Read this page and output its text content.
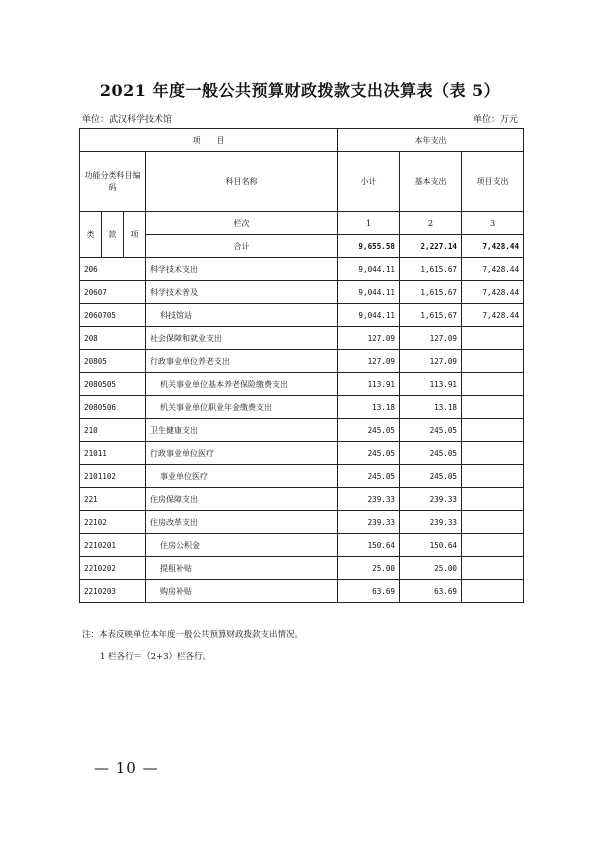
2021 年度一般公共预算财政拨款支出决算表（表 5）
单位：武汉科学技术馆	单位：万元
项　　目				本年支出		
功能分类科目编码			科目名称	小计	基本支出	项目支出
类	款	项	栏次	1	2	3
			合计	9,655.58	2,227.14	7,428.44
206			科学技术支出	9,044.11	1,615.67	7,428.44
20607			科学技术普及	9,044.11	1,615.67	7,428.44
2060705			科技馆站	9,044.11	1,615.67	7,428.44
208			社会保障和就业支出	127.09	127.09	
20805			行政事业单位养老支出	127.09	127.09	
2080505			机关事业单位基本养老保险缴费支出	113.91	113.91	
2080506			机关事业单位职业年金缴费支出	13.18	13.18	
210			卫生健康支出	245.05	245.05	
21011			行政事业单位医疗	245.05	245.05	
2101102			事业单位医疗	245.05	245.05	
221			住房保障支出	239.33	239.33	
22102			住房改革支出	239.33	239.33	
2210201			住房公积金	150.64	150.64	
2210202			提租补贴	25.00	25.00	
2210203			购房补贴	63.69	63.69	
注：本表反映单位本年度一般公共预算财政拨款支出情况。
1 栏各行＝（2+3）栏各行。
— 10 —
